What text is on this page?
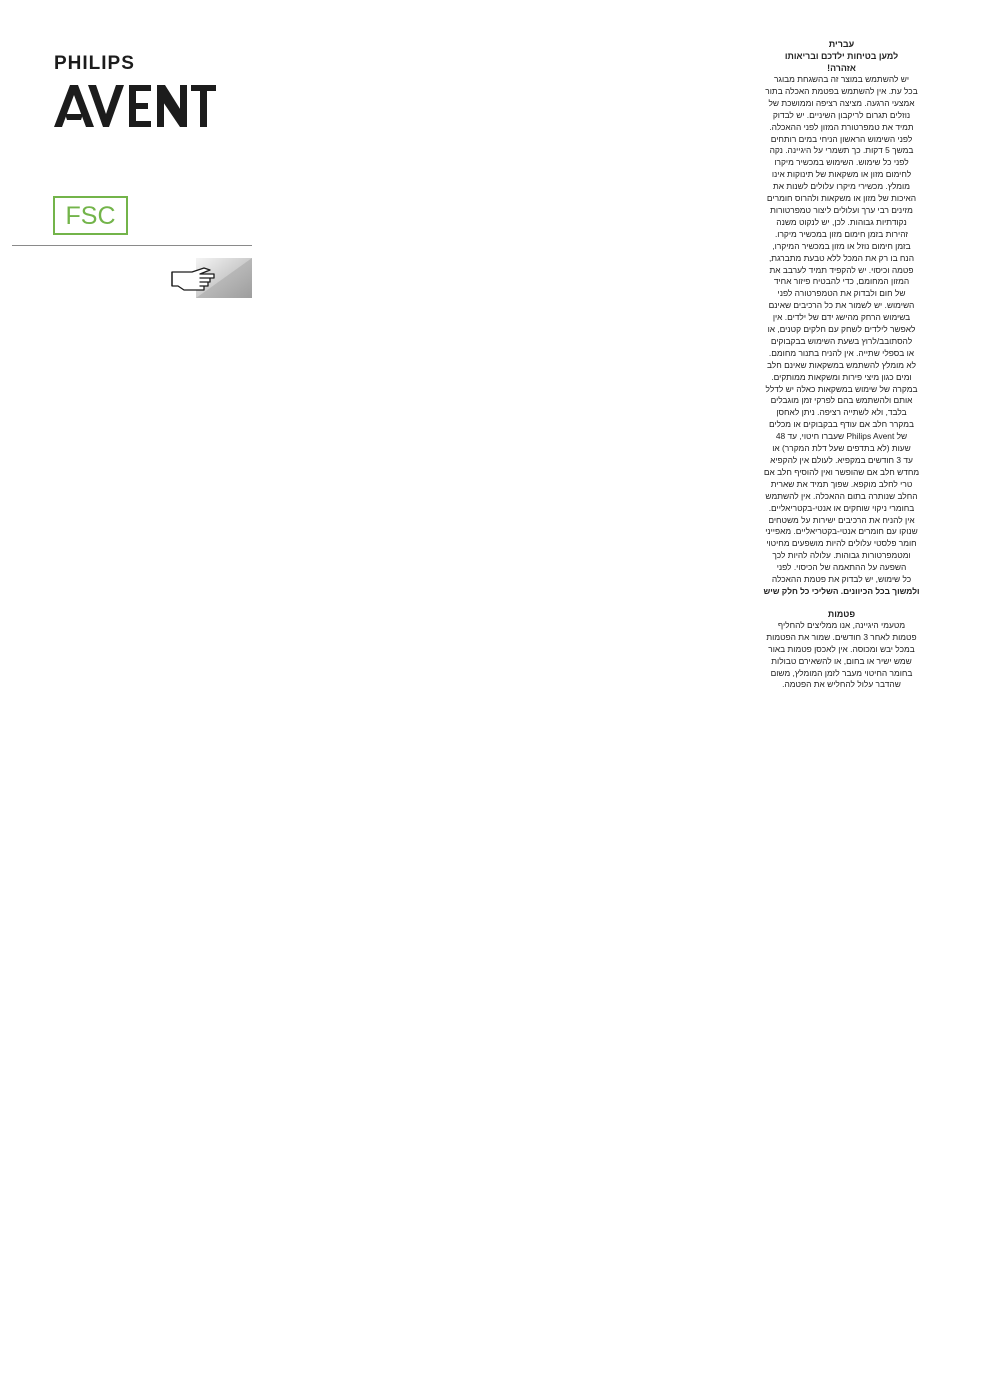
PHILIPS
FSC
עברית
למען בטיחות ילדכם ובריאותו
אזהרה!
יש להשתמש במוצר זה בהשגחת מבוגר
בכל עת. אין להשתמש בפטמת האכלה בתור
אמצעי הרגעה. מציצה רציפה וממושכת של
נוזלים תגרום לריקבון השיניים. יש לבדוק
תמיד את טמפרטורת המזון לפני ההאכלה.
לפני השימוש הראשון הניחי במים רותחים
במשך 5 דקות. כך תשמרי על היגיינה. נקה
לפני כל שימוש. השימוש במכשיר מיקרו
לחימום מזון או משקאות של תינוקות אינו
מומלץ. מכשירי מיקרו עלולים לשנות את
האיכות של מזון או משקאות ולהרוס חומרים
מזינים רבי ערך ועלולים ליצור טמפרטורות
נקודתיות גבוהות. לכן, יש לנקוט משנה
זהירות בזמן חימום מזון במכשיר מיקרו.
בזמן חימום נוזל או מזון במכשיר המיקרו,
הנח בו רק את המכל ללא טבעת מתברגת,
פטמה וכיסוי. יש להקפיד תמיד לערבב את
המזון המחומם, כדי להבטיח פיזור אחיד
של חום ולבדוק את הטמפרטורה לפני
השימוש. יש לשמור את כל הרכיבים שאינם
בשימוש הרחק מהישג ידם של ילדים. אין
לאפשר לילדים לשחק עם חלקים קטנים, או
להסתובב/לרוץ בשעת השימוש בבקבוקים
או בספלי שתייה. אין להניח בתנור מחומם.
לא מומלץ להשתמש במשקאות שאינם חלב
ומים כגון מיצי פירות ומשקאות ממותקים.
במקרה של שימוש במשקאות כאלה יש לדלל
אותם ולהשתמש בהם לפרקי זמן מוגבלים
בלבד, ולא לשתייה רציפה. ניתן לאחסן
במקרר חלב אם עודף בבקבוקים או מכלים
של Philips Avent שעברו חיטוי, עד 48
שעות (לא בתדפים שעל דלת המקרר) או
עד 3 חודשים במקפיא. לעולם אין להקפיא
מחדש חלב אם שהופשר ואין להוסיף חלב אם
טרי לחלב מוקפא. שפוך תמיד את שארית
החלב שנותרה בתום ההאכלה. אין להשתמש
בחומרי ניקוי שוחקים או אנטי-בקטריאליים.
אין להניח את הרכיבים ישירות על משטחים
שנוקו עם חומרים אנטי-בקטריאליים. מאפייני
חומר פלסטי עלולים להיות מושפעים מחיטוי
ומטמפרטורות גבוהות. עלולה להיות לכך
השפעה על ההתאמה של הכיסוי. לפני
כל שימוש, יש לבדוק את פטמת ההאכלה
ולמשוך בכל הכיוונים. השליכי כל חלק שיש
פטמות
מטעמי היגיינה, אנו ממליצים להחליף
פטמות לאחר 3 חודשים. שמור את הפטמות
במכל יבש ומכוסה. אין לאכסן פטמות באור
שמש ישיר או בחום, או להשאירם טבולות
בחומר החיטוי מעבר לזמן המומלץ, משום
שהדבר עלול להחליש את הפטמה.
